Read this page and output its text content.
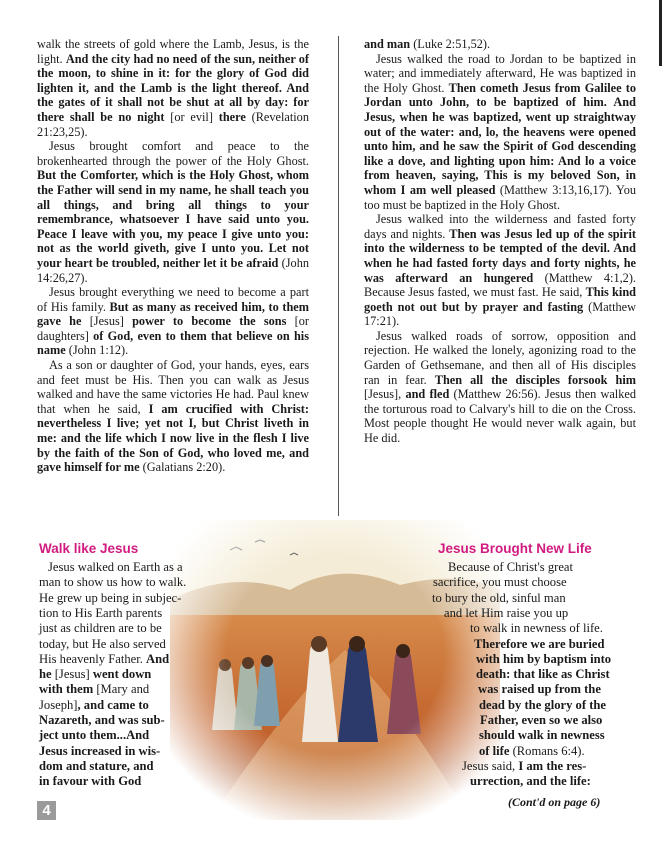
walk the streets of gold where the Lamb, Jesus, is the light. And the city had no need of the sun, neither of the moon, to shine in it: for the glory of God did lighten it, and the Lamb is the light thereof. And the gates of it shall not be shut at all by day: for there shall be no night [or evil] there (Revelation 21:23,25).

Jesus brought comfort and peace to the brokenhearted through the power of the Holy Ghost. But the Comforter, which is the Holy Ghost, whom the Father will send in my name, he shall teach you all things, and bring all things to your remembrance, whatsoever I have said unto you. Peace I leave with you, my peace I give unto you: not as the world giveth, give I unto you. Let not your heart be troubled, neither let it be afraid (John 14:26,27).

Jesus brought everything we need to become a part of His family. But as many as received him, to them gave he [Jesus] power to become the sons [or daughters] of God, even to them that believe on his name (John 1:12).

As a son or daughter of God, your hands, eyes, ears and feet must be His. Then you can walk as Jesus walked and have the same victories He had. Paul knew that when he said, I am crucified with Christ: nevertheless I live; yet not I, but Christ liveth in me: and the life which I now live in the flesh I live by the faith of the Son of God, who loved me, and gave himself for me (Galatians 2:20).

and man (Luke 2:51,52).

Jesus walked the road to Jordan to be baptized in water; and immediately afterward, He was baptized in the Holy Ghost. Then cometh Jesus from Galilee to Jordan unto John, to be baptized of him. And Jesus, when he was baptized, went up straightway out of the water: and, lo, the heavens were opened unto him, and he saw the Spirit of God descending like a dove, and lighting upon him: And lo a voice from heaven, saying, This is my beloved Son, in whom I am well pleased (Matthew 3:13,16,17). You too must be baptized in the Holy Ghost.

Jesus walked into the wilderness and fasted forty days and nights. Then was Jesus led up of the spirit into the wilderness to be tempted of the devil. And when he had fasted forty days and forty nights, he was afterward an hungered (Matthew 4:1,2). Because Jesus fasted, we must fast. He said, This kind goeth not out but by prayer and fasting (Matthew 17:21).

Jesus walked roads of sorrow, opposition and rejection. He walked the lonely, agonizing road to the Garden of Gethsemane, and then all of His disciples ran in fear. Then all the disciples forsook him [Jesus], and fled (Matthew 26:56). Jesus then walked the torturous road to Calvary's hill to die on the Cross. Most people thought He would never walk again, but He did.

Walk like Jesus
Jesus walked on Earth as a
man to show us how to walk.
He grew up being in subjec-
tion to His Earth parents
just as children are to be
today, but He also served
His heavenly Father. And
he [Jesus] went down
with them [Mary and
Joseph], and came to
Nazareth, and was sub-
ject unto them...And
Jesus increased in wis-
dom and stature, and
in favour with God
Jesus Brought New Life
Because of Christ's great
sacrifice, you must choose
to bury the old, sinful man
and let Him raise you up
to walk in newness of life.
Therefore we are buried
with him by baptism into
death: that like as Christ
was raised up from the
dead by the glory of the
Father, even so we also
should walk in newness
of life (Romans 6:4).
Jesus said, I am the res-
urrection, and the life:
4	(Cont'd on page 6)
